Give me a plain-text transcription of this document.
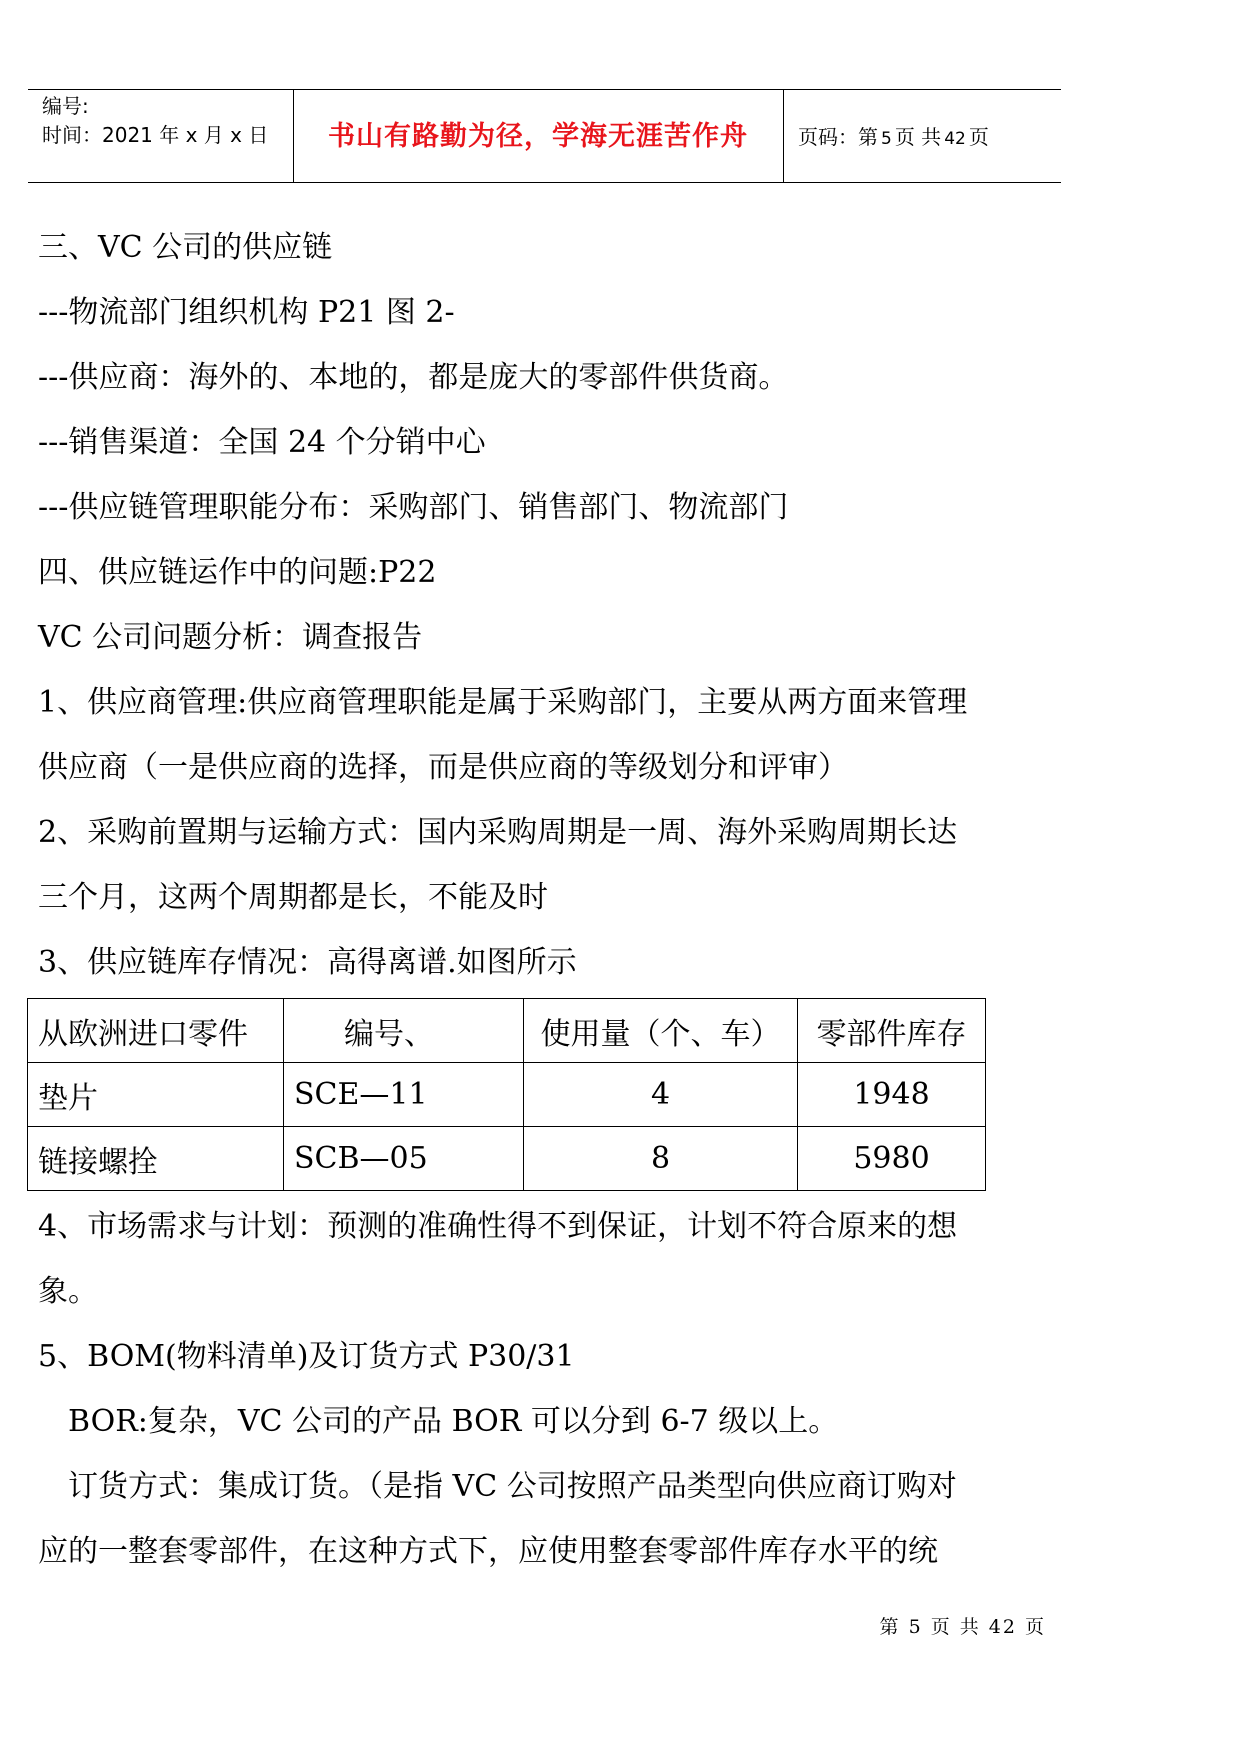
编号:
时间：2021 年 x 月 x 日	书山有路勤为径，学海无涯苦作舟	页码：第 5 页 共 42 页
三、VC 公司的供应链
---物流部门组织机构 P21 图 2-
---供应商：海外的、本地的，都是庞大的零部件供货商。
---销售渠道：全国 24 个分销中心
---供应链管理职能分布：采购部门、销售部门、物流部门
四、供应链运作中的问题:P22
VC 公司问题分析：调查报告
1、供应商管理:供应商管理职能是属于采购部门，主要从两方面来管理
供应商（一是供应商的选择，而是供应商的等级划分和评审）
2、采购前置期与运输方式：国内采购周期是一周、海外采购周期长达
三个月，这两个周期都是长，不能及时
3、供应链库存情况：高得离谱.如图所示
从欧洲进口零件	编号、	使用量（个、车）	零部件库存
垫片	SCE—11	4	1948
链接螺拴	SCB—05	8	5980
4、市场需求与计划：预测的准确性得不到保证，计划不符合原来的想
象。
5、BOM(物料清单)及订货方式 P30/31
BOR:复杂，VC 公司的产品 BOR 可以分到 6-7 级以上。
订货方式：集成订货。（是指 VC 公司按照产品类型向供应商订购对
应的一整套零部件，在这种方式下，应使用整套零部件库存水平的统
第 5 页 共 42 页
